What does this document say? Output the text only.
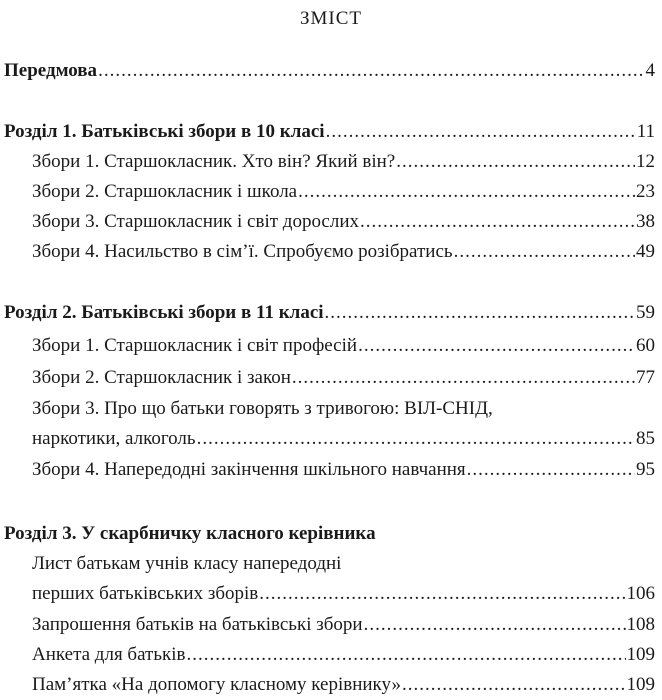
ЗМІСТ
Передмова .....	4
Розділ 1. Батьківські збори в 10 класі .....	11
Збори 1. Старшокласник. Хто він? Який він? .....	12
Збори 2. Старшокласник і школа .....	23
Збори 3. Старшокласник і світ дорослих .....	38
Збори 4. Насильство в сім’ї. Спробуємо розібратись .....	49
Розділ 2. Батьківські збори в 11 класі .....	59
Збори 1. Старшокласник і світ професій .....	60
Збори 2. Старшокласник і закон .....	77
Збори 3. Про що батьки говорять з тривогою: ВІЛ-СНІД,
наркотики, алкоголь .....	85
Збори 4. Напередодні закінчення шкільного навчання .....	95
Розділ 3. У скарбничку класного керівника
Лист батькам учнів класу напередодні
перших батьківських зборів .....	106
Запрошення батьків на батьківські збори .....	108
Анкета для батьків .....	109
Пам’ятка «На допомогу класному керівнику» .....	109
